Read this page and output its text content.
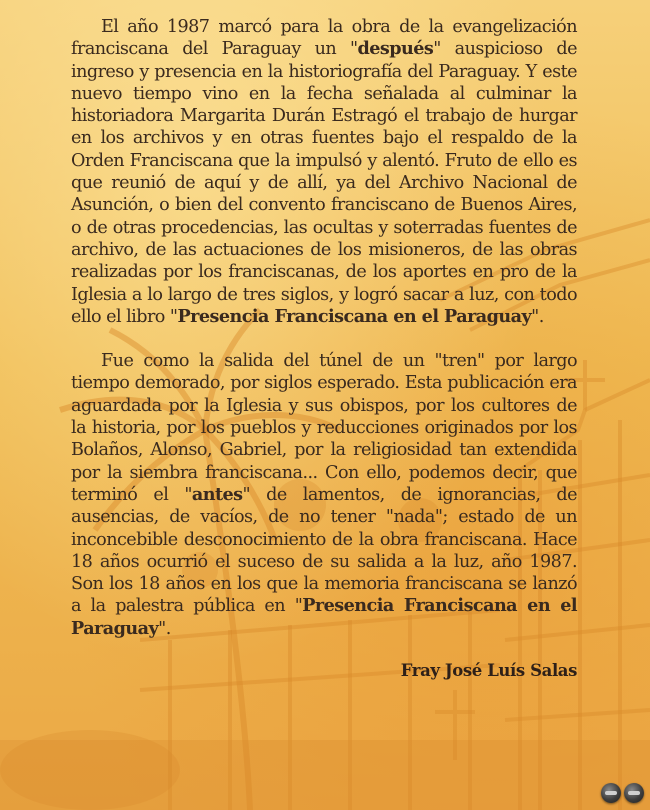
El año 1987 marcó para la obra de la evangelización franciscana del Paraguay un "después" auspicioso de ingreso y presencia en la historiografía del Paraguay. Y este nuevo tiempo vino en la fecha señalada al culminar la historiadora Margarita Durán Estragó el trabajo de hurgar en los archivos y en otras fuentes bajo el respaldo de la Orden Franciscana que la impulsó y alentó. Fruto de ello es que reunió de aquí y de allí, ya del Archivo Nacional de Asunción, o bien del convento franciscano de Buenos Aires, o de otras procedencias, las ocultas y soterradas fuentes de archivo, de las actuaciones de los misioneros, de las obras realizadas por los franciscanas, de los aportes en pro de la Iglesia a lo largo de tres siglos, y logró sacar a luz, con todo ello el libro "Presencia Franciscana en el Paraguay".

Fue como la salida del túnel de un "tren" por largo tiempo demorado, por siglos esperado. Esta publicación era aguardada por la Iglesia y sus obispos, por los cultores de la historia, por los pueblos y reducciones originados por los Bolaños, Alonso, Gabriel, por la religiosidad tan extendida por la siembra franciscana... Con ello, podemos decir, que terminó el "antes" de lamentos, de ignorancias, de ausencias, de vacíos, de no tener "nada"; estado de un inconcebible desconocimiento de la obra franciscana. Hace 18 años ocurrió el suceso de su salida a la luz, año 1987. Son los 18 años en los que la memoria franciscana se lanzó a la palestra pública en "Presencia Franciscana en el Paraguay".

Fray José Luís Salas
